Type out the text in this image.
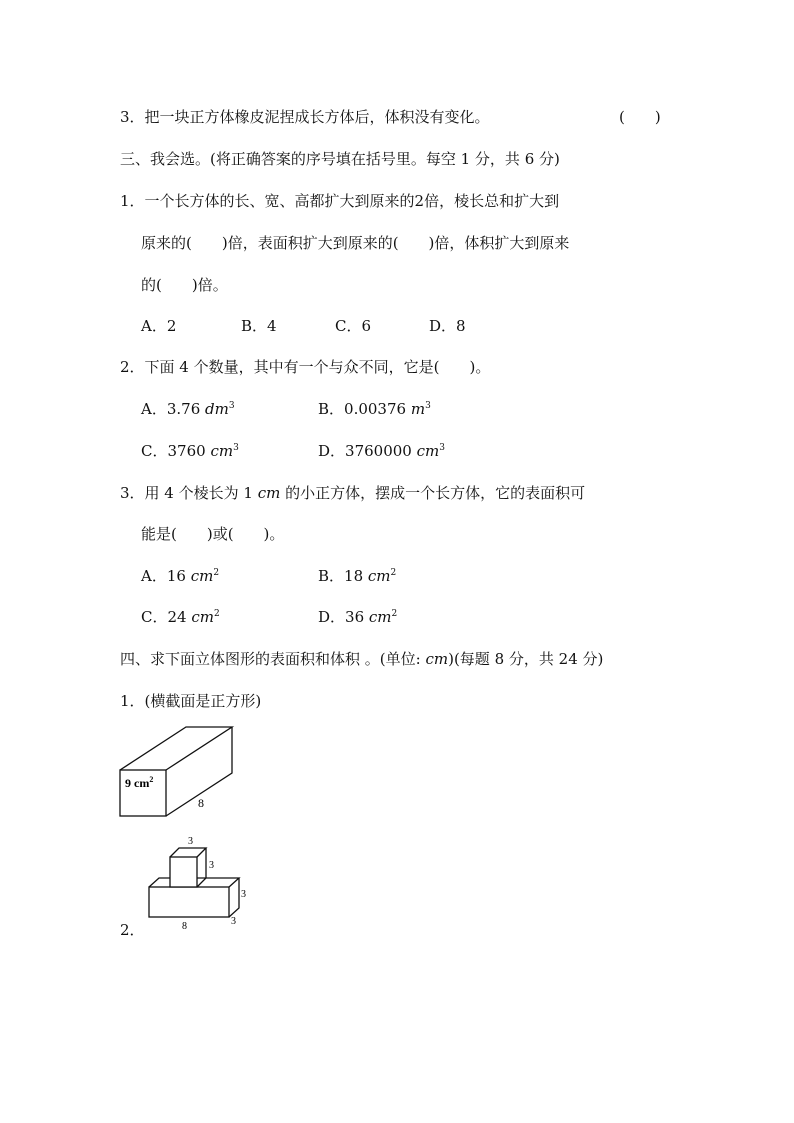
3．把一块正方体橡皮泥捏成长方体后，体积没有变化。	(　　)
三、我会选。(将正确答案的序号填在括号里。每空 1 分，共 6 分)
1．一个长方体的长、宽、高都扩大到原来的2倍，棱长总和扩大到
原来的(　　)倍，表面积扩大到原来的(　　)倍，体积扩大到原来
的(　　)倍。
A．2	B．4	C．6	D．8
2．下面 4 个数量，其中有一个与众不同，它是(　　)。
A．3.76 $dm^3$	B．0.00376 $m^3$
C．3760 $cm^3$	D．3760000 $cm^3$
3．用 4 个棱长为 1 cm 的小正方体，摆成一个长方体，它的表面积可
能是(　　)或(　　)。
A．16 $cm^2$	B．18 $cm^2$
C．24 $cm^2$	D．36 $cm^2$
四、求下面立体图形的表面积和体积 。(单位: cm)(每题 8 分，共 24 分)
1．(横截面是正方形)
9 $cm^2$
8
3
3
3
3
8
2．
